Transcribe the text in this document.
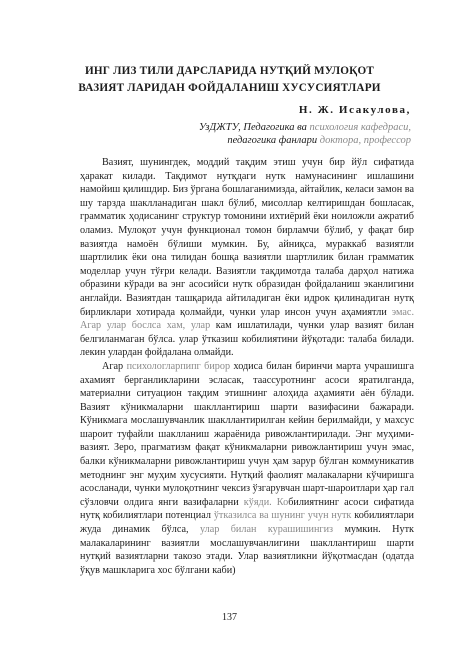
ИНГ ЛИЗ ТИЛИ ДАРСЛАРИДА НУТҚИЙ МУЛОҚОТ
ВАЗИЯТ ЛАРИДАН ФОЙДАЛАНИШ ХУСУСИЯТЛАРИ
Н. Ж. Исакулова,
УзДЖТУ, Педагогика ва психология кафедраси,
педагогика фанлари доктора, профессор

Вазият, шунингдек, моддий тақдим этиш учун бир йўл сифатида ҳаракат килади. Тақдимот нутқдаги нутк намунасининг ишлашини намойиш қилишдир. Биз ўрганa бошлаганимизда, айтайлик, келаси замон ва шу тарзда шакллaнадиган шакл бўлиб, мисоллар келтиришдан бошласак, грамматик ҳодисанинг структур томонини ихтиёрий ёки ноиложли ажратиб оламиз. Мулоқот учун функционал томон бирламчи бўлиб, у фақат бир вазиятда намоён бўлиши мумкин. Бу, айниқса, мураккаб вазиятли шартлилик ёки она тилидан бошқа вазиятли шартлилик билан грамматик моделлар учун тўғри келади. Вазиятли тақдимотда талаба дарҳол натижа образини кўради ва энг асосийси нутк образидан фойдаланиш эканлигини англайди. Вазиятдан ташқарида айтиладиган ёки идрок қилинадиган нутқ бирликлари хотирада қолмайди, чунки улар инсон учун аҳамиятли эмас. Агар улар бослса хам, улар кам ишлатилади, чунки улар вазият билан белгиланмаган бўлса. улар ўтказиш кобилиятини йўқотади: талаба билади. лекин улардан фойдалана олмайди.

Агар психологларпипг бирор ходиса билан биринчи марта учрашишга ахамият берганликларини эсласак, таассуротнинг асоси яратилганда, материални ситуацион тақдим этишнинг алоҳида аҳамияти аён бўлади. Вазият кўникмаларни шакллантириш шарти вазифасини бажаради. Кўникмага мослашувчанлик шакллантирилган кейин берилмайди, у махсус шароит туфайли шаклланиш жараёнида ривожлантирилади. Энг муҳими-вазият. Зеро, прагматизм фақат кўникмаларни ривожлантириш учун эмас, балки кўникмаларни ривожлантириш учун ҳам зарур бўлган коммуникатив методнинг энг муҳим хусусияти. Нутқий фаолият малакаларни кўчиришга асосланади, чунки мулоқотнинг чексиз ўзгарувчан шарт-шароитлари ҳар гал сўзловчи олдига янги вазифаларни кўяди. Кобилиятнинг асоси сифатида нутқ кобилиятлари потенциал ўтказилса ва шунинг учун нутк кобилиятлари жуда динамик бўлса, улар билан курашишингиз мумкин. Нутк малакаларининг вазиятли мослашувчанлигини шакллантириш шарти нутқий вазиятларни такозо этади. Улар вазиятликни йўқотмасдан (одатда ўқув машкларига хос бўлгани каби)

137
